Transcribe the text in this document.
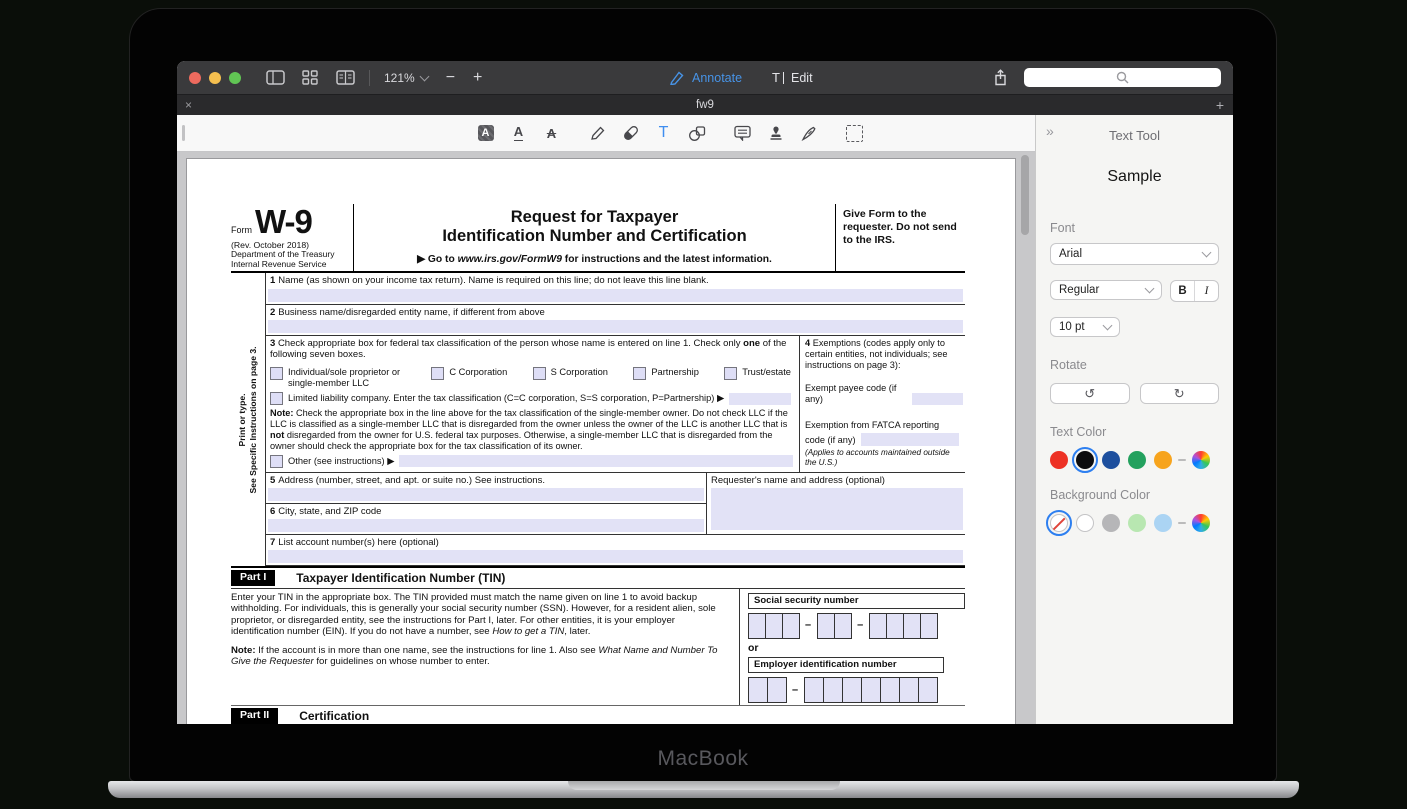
MacBook
121% − +	Annotate T Edit
×	fw9	+
A	A A	T
FormW-9
(Rev. October 2018)
Department of the Treasury
Internal Revenue Service
Request for Taxpayer
Identification Number and Certification
▶ Go to www.irs.gov/FormW9 for instructions and the latest information.
Give Form to the requester. Do not send to the IRS.
Print or type. See Specific Instructions on page 3.
1 Name (as shown on your income tax return). Name is required on this line; do not leave this line blank.
2 Business name/disregarded entity name, if different from above
3 Check appropriate box for federal tax classification of the person whose name is entered on line 1. Check only one of the following seven boxes.
Individual/sole proprietor or single-member LLC
C Corporation	S Corporation	Partnership	Trust/estate
Limited liability company. Enter the tax classification (C=C corporation, S=S corporation, P=Partnership) ▶
Note: Check the appropriate box in the line above for the tax classification of the single-member owner. Do not check LLC if the LLC is classified as a single-member LLC that is disregarded from the owner unless the owner of the LLC is another LLC that is not disregarded from the owner for U.S. federal tax purposes. Otherwise, a single-member LLC that is disregarded from the owner should check the appropriate box for the tax classification of its owner.
Other (see instructions) ▶
4 Exemptions (codes apply only to certain entities, not individuals; see instructions on page 3):
Exempt payee code (if any)
Exemption from FATCA reporting
code (if any)
(Applies to accounts maintained outside the U.S.)
5 Address (number, street, and apt. or suite no.) See instructions.
6 City, state, and ZIP code
Requester's name and address (optional)
7 List account number(s) here (optional)
Part I	Taxpayer Identification Number (TIN)
Enter your TIN in the appropriate box. The TIN provided must match the name given on line 1 to avoid backup withholding. For individuals, this is generally your social security number (SSN). However, for a resident alien, sole proprietor, or disregarded entity, see the instructions for Part I, later. For other entities, it is your employer identification number (EIN). If you do not have a number, see How to get a TIN, later.
Note: If the account is in more than one name, see the instructions for line 1. Also see What Name and Number To Give the Requester for guidelines on whose number to enter.
Social security number
–	–
or
Employer identification number
–
Part II	Certification
»	Text Tool
Sample
Font
Arial
Regular	B	I
10 pt
Rotate
↺	↻
Text Color
Background Color
